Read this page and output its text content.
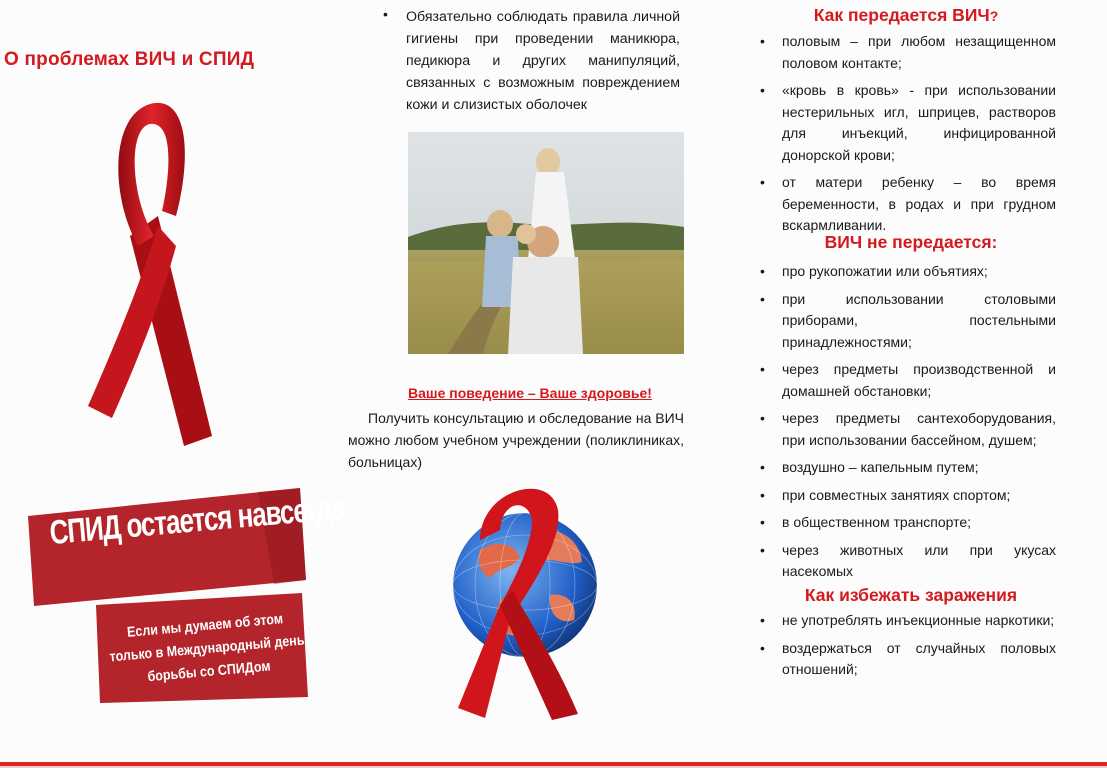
О проблемах ВИЧ и СПИД
СПИД остается навсегда
Если мы думаем об этом только в Международный день борьбы со СПИДом
• Обязательно соблюдать правила личной гигиены при проведении маникюра, педикюра и других манипуляций, связанных с возможным повреждением кожи и слизистых оболочек
Ваше поведение – Ваше здоровье!
Получить консультацию и обследование на ВИЧ можно любом учебном учреждении (поликлиниках, больницах)
Как передается ВИЧ?
• половым – при любом незащищенном половом контакте;
• «кровь в кровь» - при использовании нестерильных игл, шприцев, растворов для инъекций, инфицированной донорской крови;
• от матери ребенку – во время беременности, в родах и при грудном вскармливании.
ВИЧ не передается:
• про рукопожатии или объятиях;
• при использовании столовыми приборами, постельными принадлежностями;
• через предметы производственной и домашней обстановки;
• через предметы сантехоборудования, при использовании бассейном, душем;
• воздушно – капельным путем;
• при совместных занятиях спортом;
• в общественном транспорте;
• через животных или при укусах насекомых
Как избежать заражения
• не употреблять инъекционные наркотики;
• воздержаться от случайных половых отношений;
